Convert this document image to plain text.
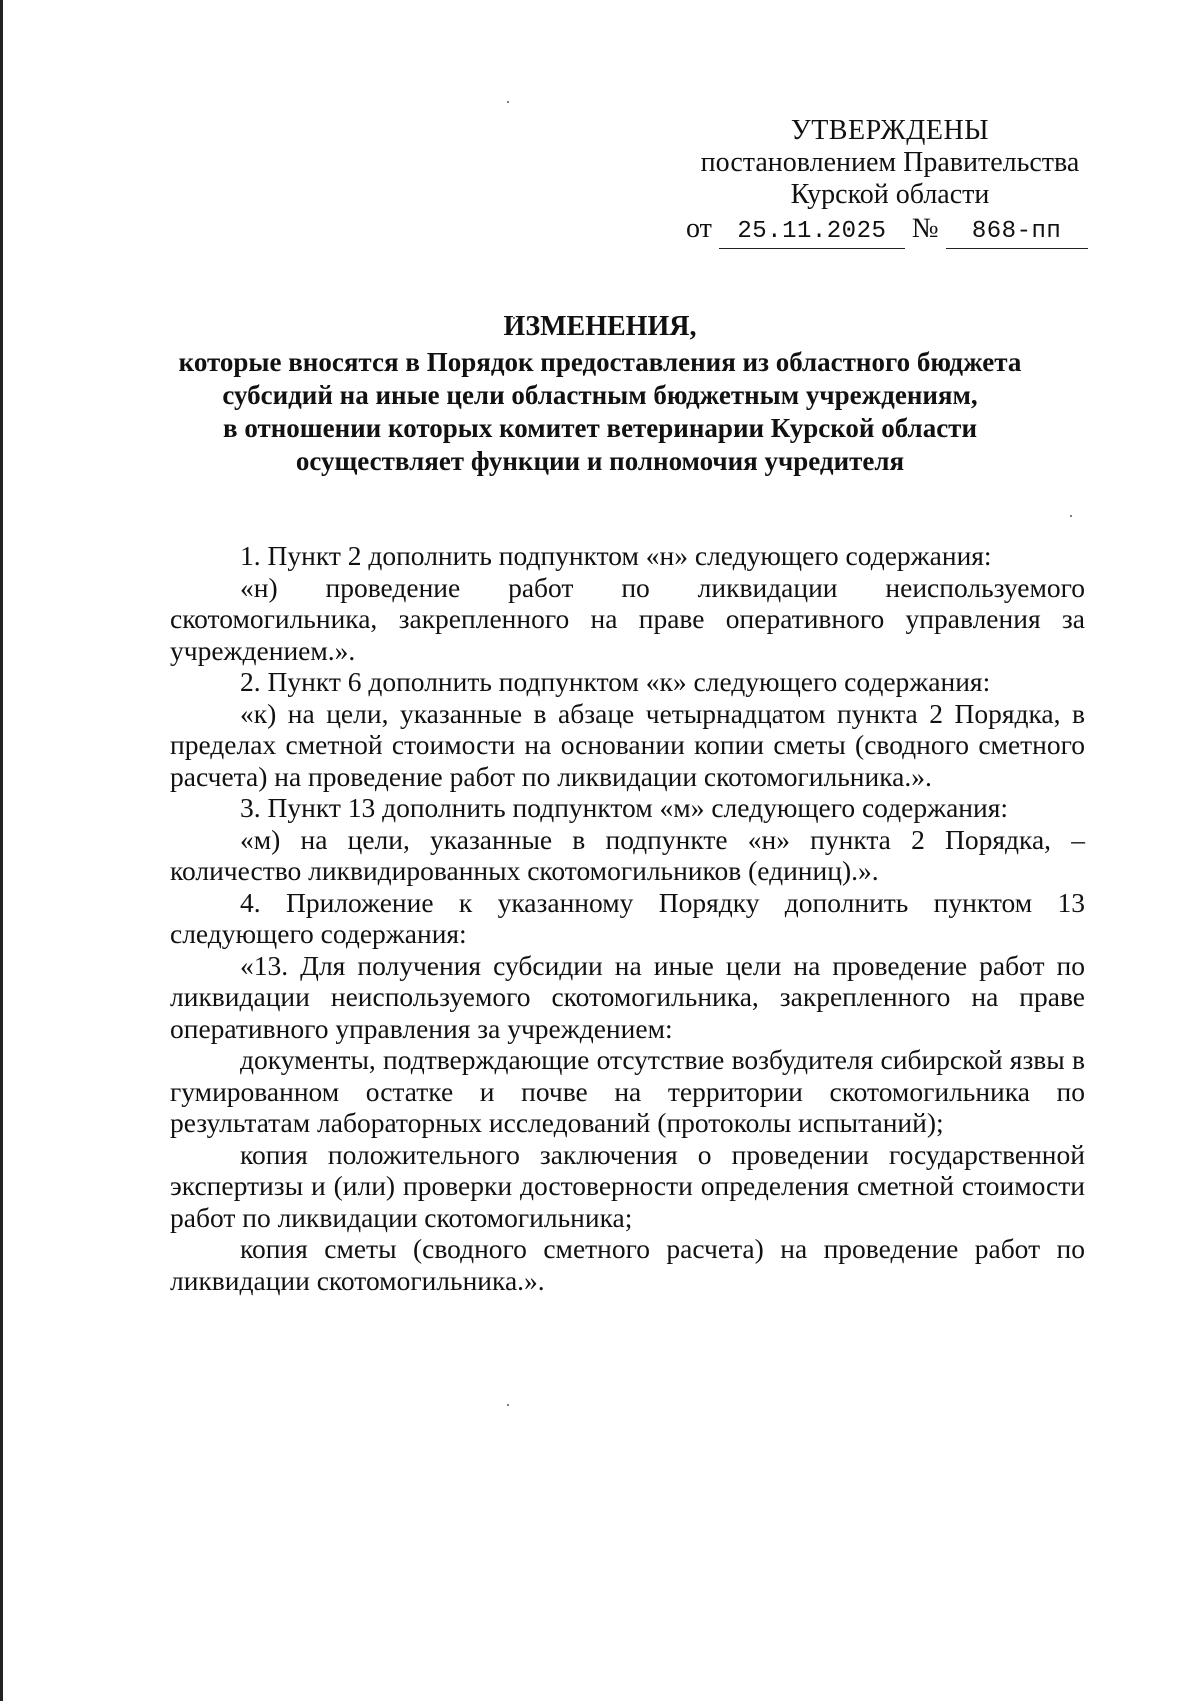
УТВЕРЖДЕНЫ
постановлением Правительства
Курской области
от 25.11.2025 № 868-пп
ИЗМЕНЕНИЯ,
которые вносятся в Порядок предоставления из областного бюджета
субсидий на иные цели областным бюджетным учреждениям,
в отношении которых комитет ветеринарии Курской области
осуществляет функции и полномочия учредителя

1. Пункт 2 дополнить подпунктом «н» следующего содержания:

«н) проведение работ по ликвидации неиспользуемого скотомогильника, закрепленного на праве оперативного управления за учреждением.».

2. Пункт 6 дополнить подпунктом «к» следующего содержания:

«к) на цели, указанные в абзаце четырнадцатом пункта 2 Порядка, в пределах сметной стоимости на основании копии сметы (сводного сметного расчета) на проведение работ по ликвидации скотомогильника.».

3. Пункт 13 дополнить подпунктом «м» следующего содержания:

«м) на цели, указанные в подпункте «н» пункта 2 Порядка, – количество ликвидированных скотомогильников (единиц).».

4. Приложение к указанному Порядку дополнить пунктом 13 следующего содержания:

«13. Для получения субсидии на иные цели на проведение работ по ликвидации неиспользуемого скотомогильника, закрепленного на праве оперативного управления за учреждением:

документы, подтверждающие отсутствие возбудителя сибирской язвы в гумированном остатке и почве на территории скотомогильника по результатам лабораторных исследований (протоколы испытаний);

копия положительного заключения о проведении государственной экспертизы и (или) проверки достоверности определения сметной стоимости работ по ликвидации скотомогильника;

копия сметы (сводного сметного расчета) на проведение работ по ликвидации скотомогильника.».
